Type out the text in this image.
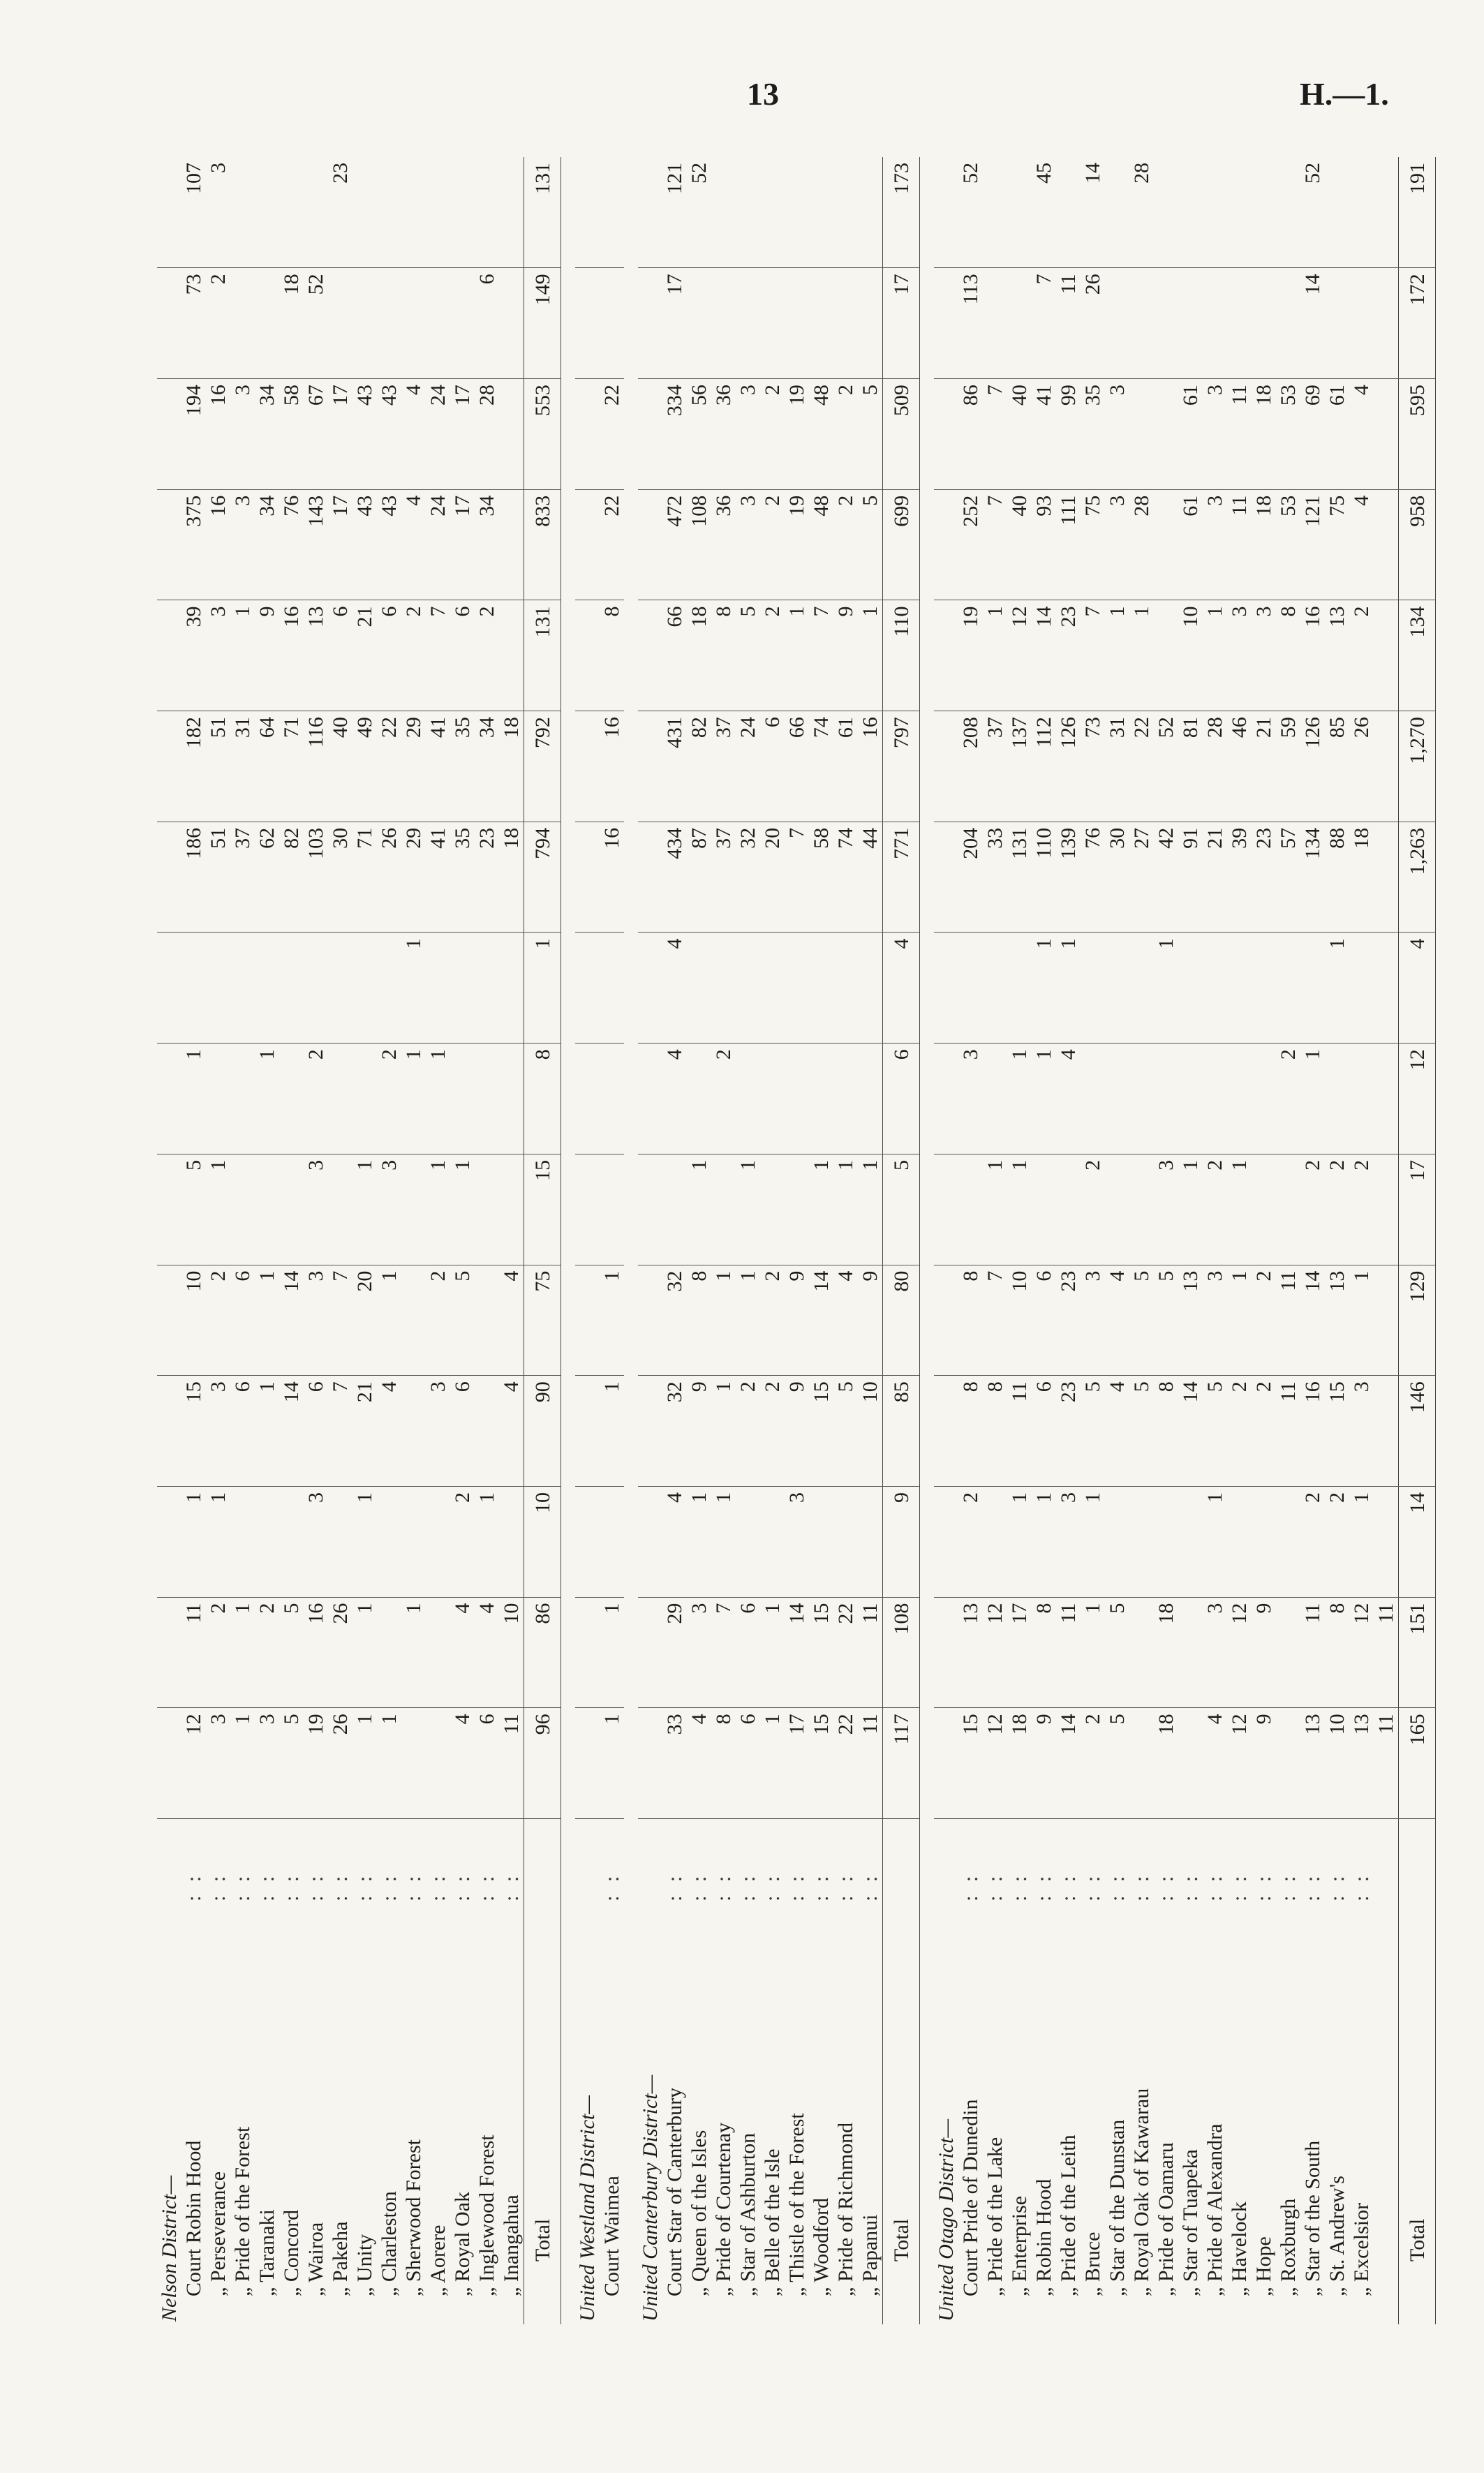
13	H.—1.
Nelson District—																
Court Robin Hood	: :	12	11	1	15	10	5	1		186	182	39	375	194	73	107
„ Perseverance	: :	3	2	1	3	2	1			51	51	3	16	16	2	3
„ Pride of the Forest	: :	1	1		6	6				37	31	1	3	3		
„ Taranaki	: :	3	2		1	1		1		62	64	9	34	34		
„ Concord	: :	5	5		14	14				82	71	16	76	58	18	
„ Wairoa	: :	19	16	3	6	3	3	2		103	116	13	143	67	52	
„ Pakeha	: :	26	26		7	7				30	40	6	17	17		23
„ Unity	: :	1	1	1	21	20	1			71	49	21	43	43		
„ Charleston	: :	1			4	1	3	2		26	22	6	43	43		
„ Sherwood Forest	: :		1					1	1	29	29	2	4	4		
„ Aorere	: :				3	2	1	1		41	41	7	24	24		
„ Royal Oak	: :	4	4	2	6	5	1			35	35	6	17	17		
„ Inglewood Forest	: :	6	4	1						23	34	2	34	28	6	
„ Inangahua	: :	11	10		4	4				18	18					
Total		96	86	10	90	75	15	8	1	794	792	131	833	553	149	131

United Westland District—																
Court Waimea	: :	1	1		1	1				16	16	8	22	22		

United Canterbury District—																
Court Star of Canterbury	: :	33	29	4	32	32		4	4	434	431	66	472	334	17	121
„ Queen of the Isles	: :	4	3	1	9	8	1			87	82	18	108	56		52
„ Pride of Courtenay	: :	8	7	1	1	1		2		37	37	8	36	36		
„ Star of Ashburton	: :	6	6		2	1	1			32	24	5	3	3		
„ Belle of the Isle	: :	1	1		2	2				20	6	2	2	2		
„ Thistle of the Forest	: :	17	14	3	9	9				7	66	1	19	19		
„ Woodford	: :	15	15		15	14	1			58	74	7	48	48		
„ Pride of Richmond	: :	22	22		5	4	1			74	61	9	2	2		
„ Papanui	: :	11	11		10	9	1			44	16	1	5	5		
Total		117	108	9	85	80	5	6	4	771	797	110	699	509	17	173

United Otago District—																
Court Pride of Dunedin	: :	15	13	2	8	8		3		204	208	19	252	86	113	52
„ Pride of the Lake	: :	12	12		8	7	1			33	37	1	7	7		
„ Enterprise	: :	18	17	1	11	10	1	1		131	137	12	40	40		
„ Robin Hood	: :	9	8	1	6	6		1	1	110	112	14	93	41	7	45
„ Pride of the Leith	: :	14	11	3	23	23		4	1	139	126	23	111	99	11	
„ Bruce	: :	2	1	1	5	3	2			76	73	7	75	35	26	14
„ Star of the Dunstan	: :	5	5		4	4				30	31	1	3	3		
„ Royal Oak of Kawarau	: :				5	5				27	22	1	28			28
„ Pride of Oamaru	: :	18	18		8	5	3		1	42	52					
„ Star of Tuapeka	: :				14	13	1			91	81	10	61	61		
„ Pride of Alexandra	: :	4	3	1	5	3	2			21	28	1	3	3		
„ Havelock	: :	12	12		2	1	1			39	46	3	11	11		
„ Hope	: :	9	9		2	2				23	21	3	18	18		
„ Roxburgh	: :				11	11		2		57	59	8	53	53		
„ Star of the South	: :	13	11	2	16	14	2	1		134	126	16	121	69	14	52
„ St. Andrew's	: :	10	8	2	15	13	2		1	88	85	13	75	61		
„ Excelsior	: :	13	12	1	3	1	2			18	26	2	4	4		
		11	11													
Total		165	151	14	146	129	17	12	4	1,263	1,270	134	958	595	172	191
